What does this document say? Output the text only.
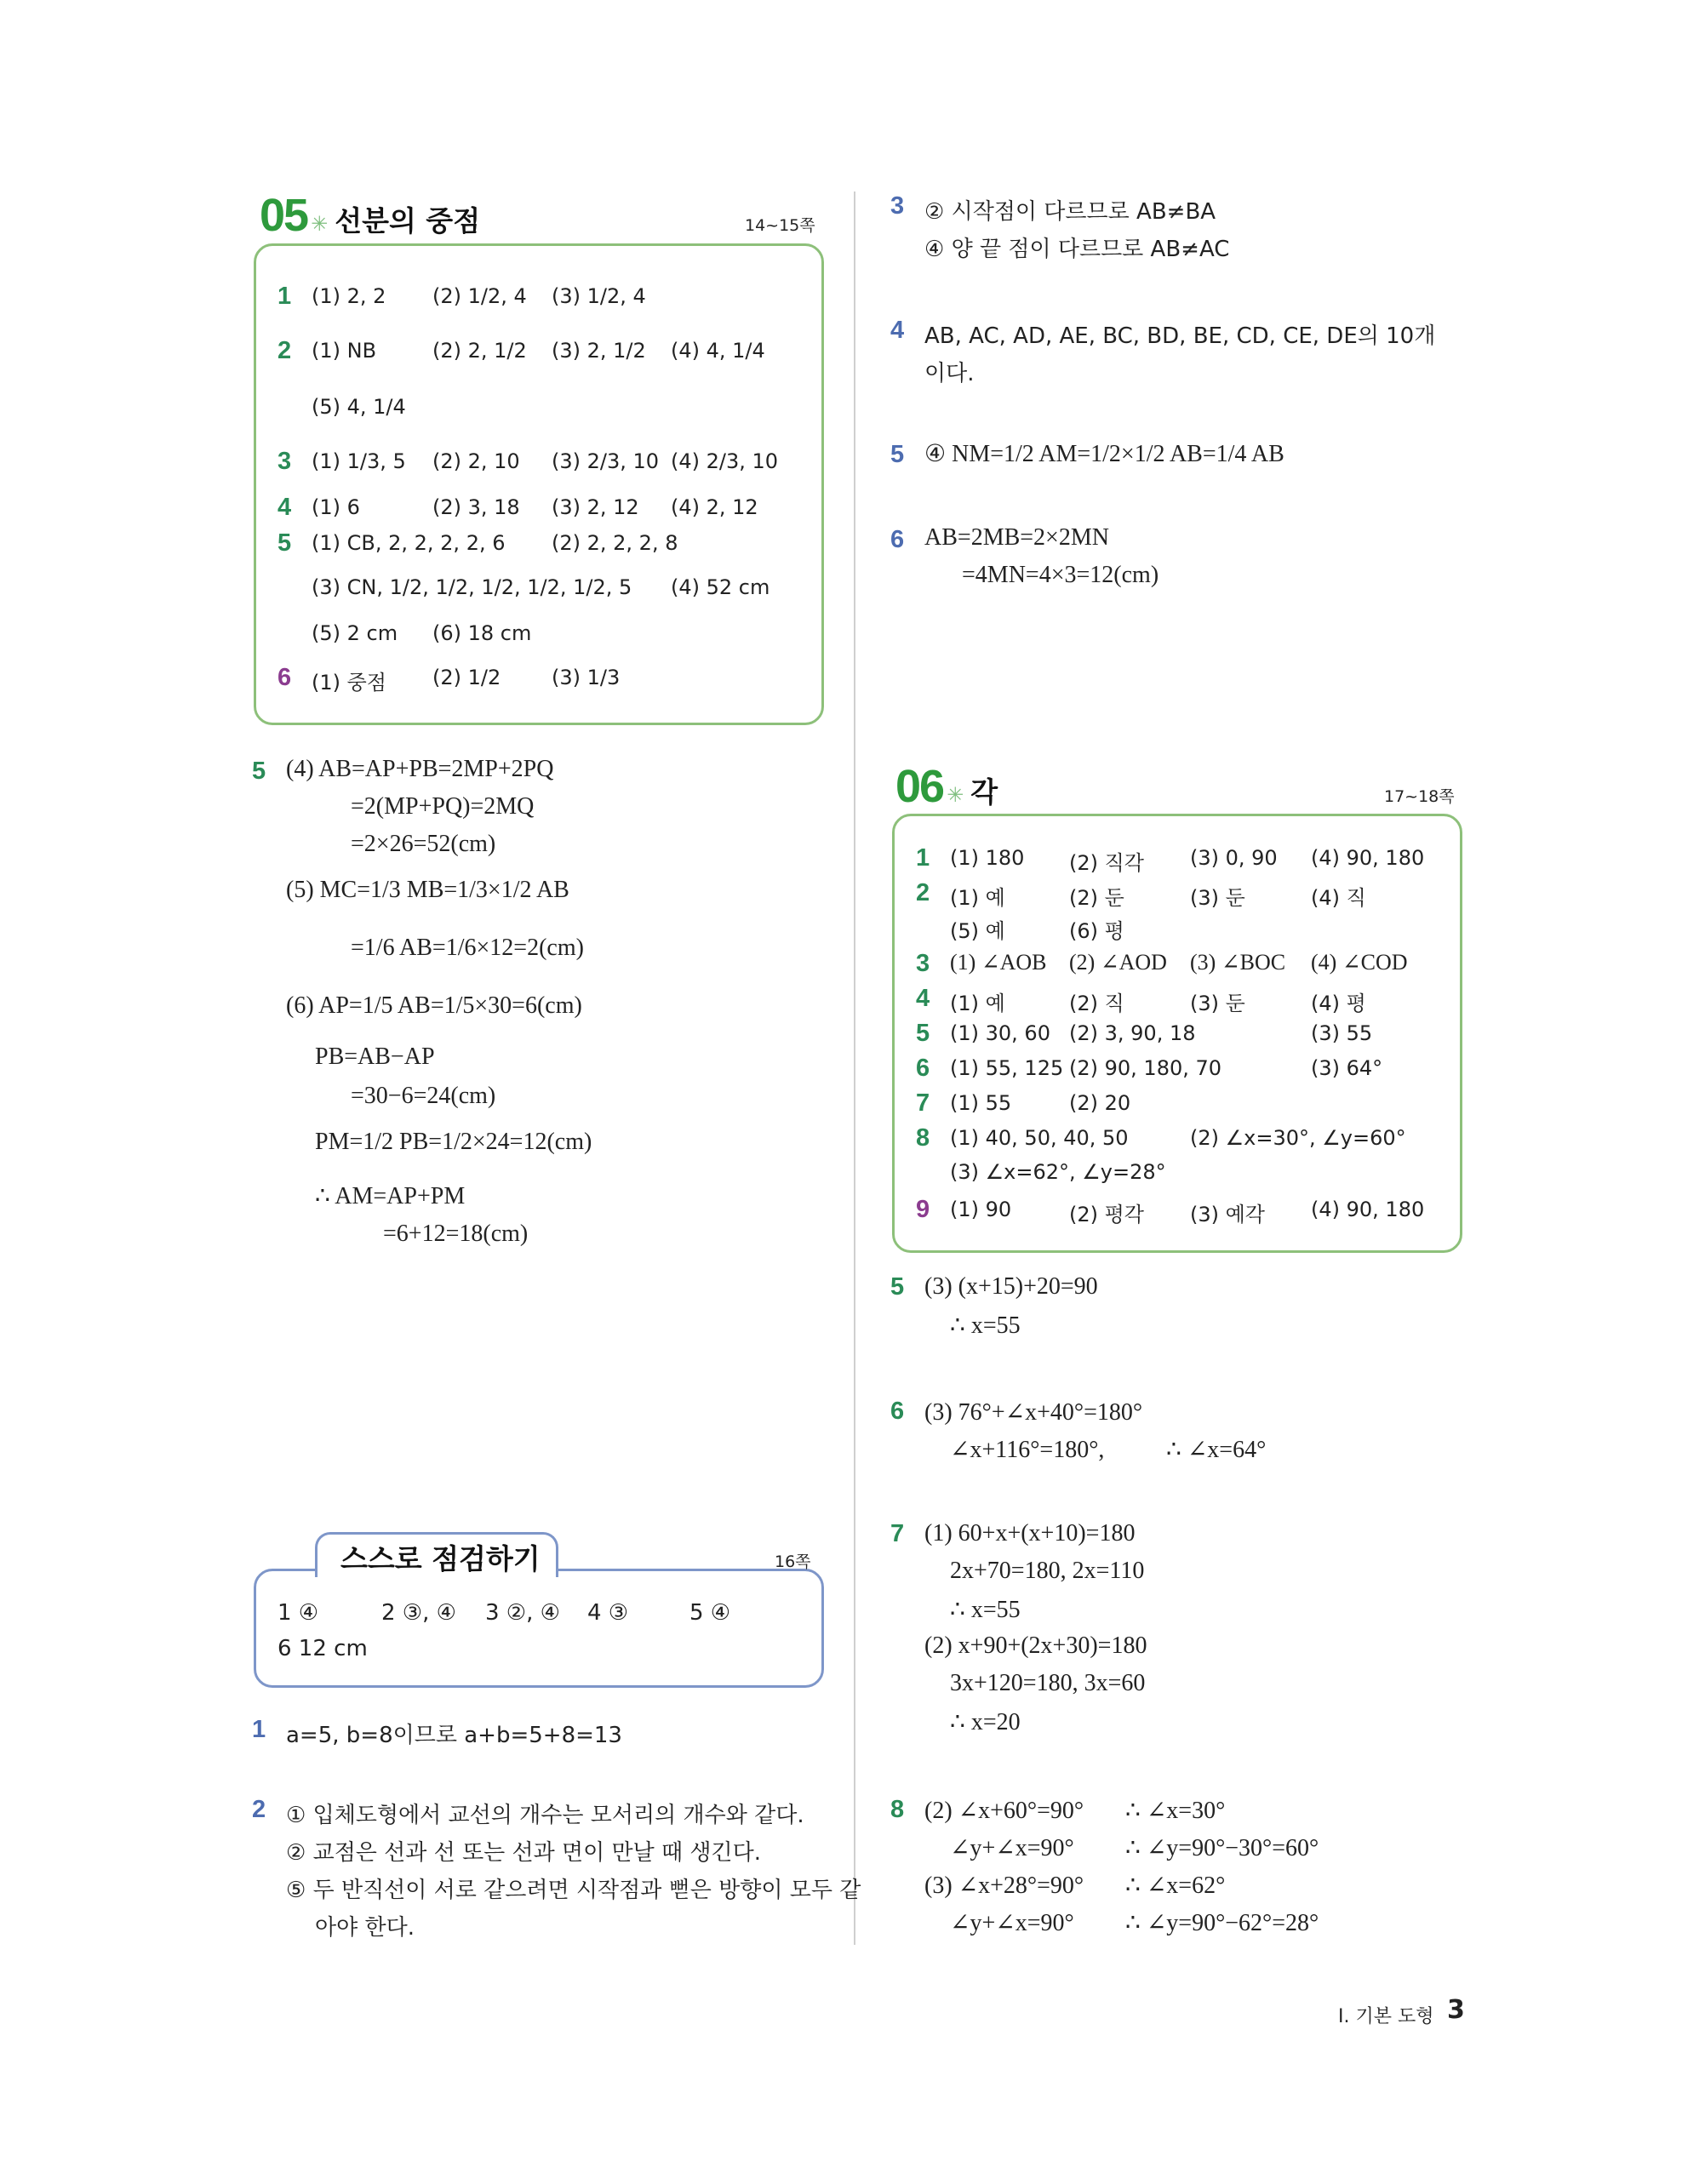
05 ✳ 선분의 중점	14~15쪽
1 (1) 2, 2 (2) 1/2, 4 (3) 1/2, 4
2 (1) NB	(2) 2, 1/2 (3) 2, 1/2 (4) 4, 1/4
(5) 4, 1/4
3 (1) 1/3, 5 (2) 2, 10 (3) 2/3, 10 (4) 2/3, 10
4 (1) 6	(2) 3, 18 (3) 2, 12 (4) 2, 12
5 (1) CB, 2, 2, 2, 2, 6 (2) 2, 2, 2, 8
(3) CN, 1/2, 1/2, 1/2, 1/2, 1/2, 5 (4) 52 cm
(5) 2 cm (6) 18 cm
6 (1) 중점 (2) 1/2 (3) 1/3
5 (4) AB=AP+PB=2MP+2PQ
=2(MP+PQ)=2MQ
=2×26=52(cm)
(5) MC=1/3 MB=1/3×1/2 AB
=1/6 AB=1/6×12=2(cm)
(6) AP=1/5 AB=1/5×30=6(cm)
PB=AB−AP
=30−6=24(cm)
PM=1/2 PB=1/2×24=12(cm)
∴ AM=AP+PM
=6+12=18(cm)
스스로 점검하기	16쪽
1 ④	2 ③, ④ 3 ②, ④ 4 ③	5 ④
6 12 cm
1 a=5, b=8이므로 a+b=5+8=13
2 ① 입체도형에서 교선의 개수는 모서리의 개수와 같다.
② 교점은 선과 선 또는 선과 면이 만날 때 생긴다.
⑤ 두 반직선이 서로 같으려면 시작점과 뻗은 방향이 모두 같
아야 한다.
3 ② 시작점이 다르므로 AB≠BA
④ 양 끝 점이 다르므로 AB≠AC
4 AB, AC, AD, AE, BC, BD, BE, CD, CE, DE의 10개
이다.
5 ④ NM=1/2 AM=1/2×1/2 AB=1/4 AB
6 AB=2MB=2×2MN
=4MN=4×3=12(cm)
06 ✳ 각	17~18쪽
1 (1) 180 (2) 직각 (3) 0, 90 (4) 90, 180
2 (1) 예	(2) 둔	(3) 둔	(4) 직
(5) 예	(6) 평
3 (1) ∠AOB (2) ∠AOD (3) ∠BOC (4) ∠COD
4 (1) 예	(2) 직	(3) 둔	(4) 평
5 (1) 30, 60 (2) 3, 90, 18	(3) 55
6 (1) 55, 125 (2) 90, 180, 70	(3) 64°
7 (1) 55	(2) 20
8 (1) 40, 50, 40, 50	(2) ∠x=30°, ∠y=60°
(3) ∠x=62°, ∠y=28°
9 (1) 90	(2) 평각 (3) 예각 (4) 90, 180
5 (3) (x+15)+20=90
∴ x=55
6 (3) 76°+∠x+40°=180°
∠x+116°=180°,	∴ ∠x=64°
7 (1) 60+x+(x+10)=180
2x+70=180, 2x=110
∴ x=55
(2) x+90+(2x+30)=180
3x+120=180, 3x=60
∴ x=20
8 (2) ∠x+60°=90° ∴ ∠x=30°
∠y+∠x=90° ∴ ∠y=90°−30°=60°
(3) ∠x+28°=90° ∴ ∠x=62°
∠y+∠x=90° ∴ ∠y=90°−62°=28°
I. 기본 도형 3
